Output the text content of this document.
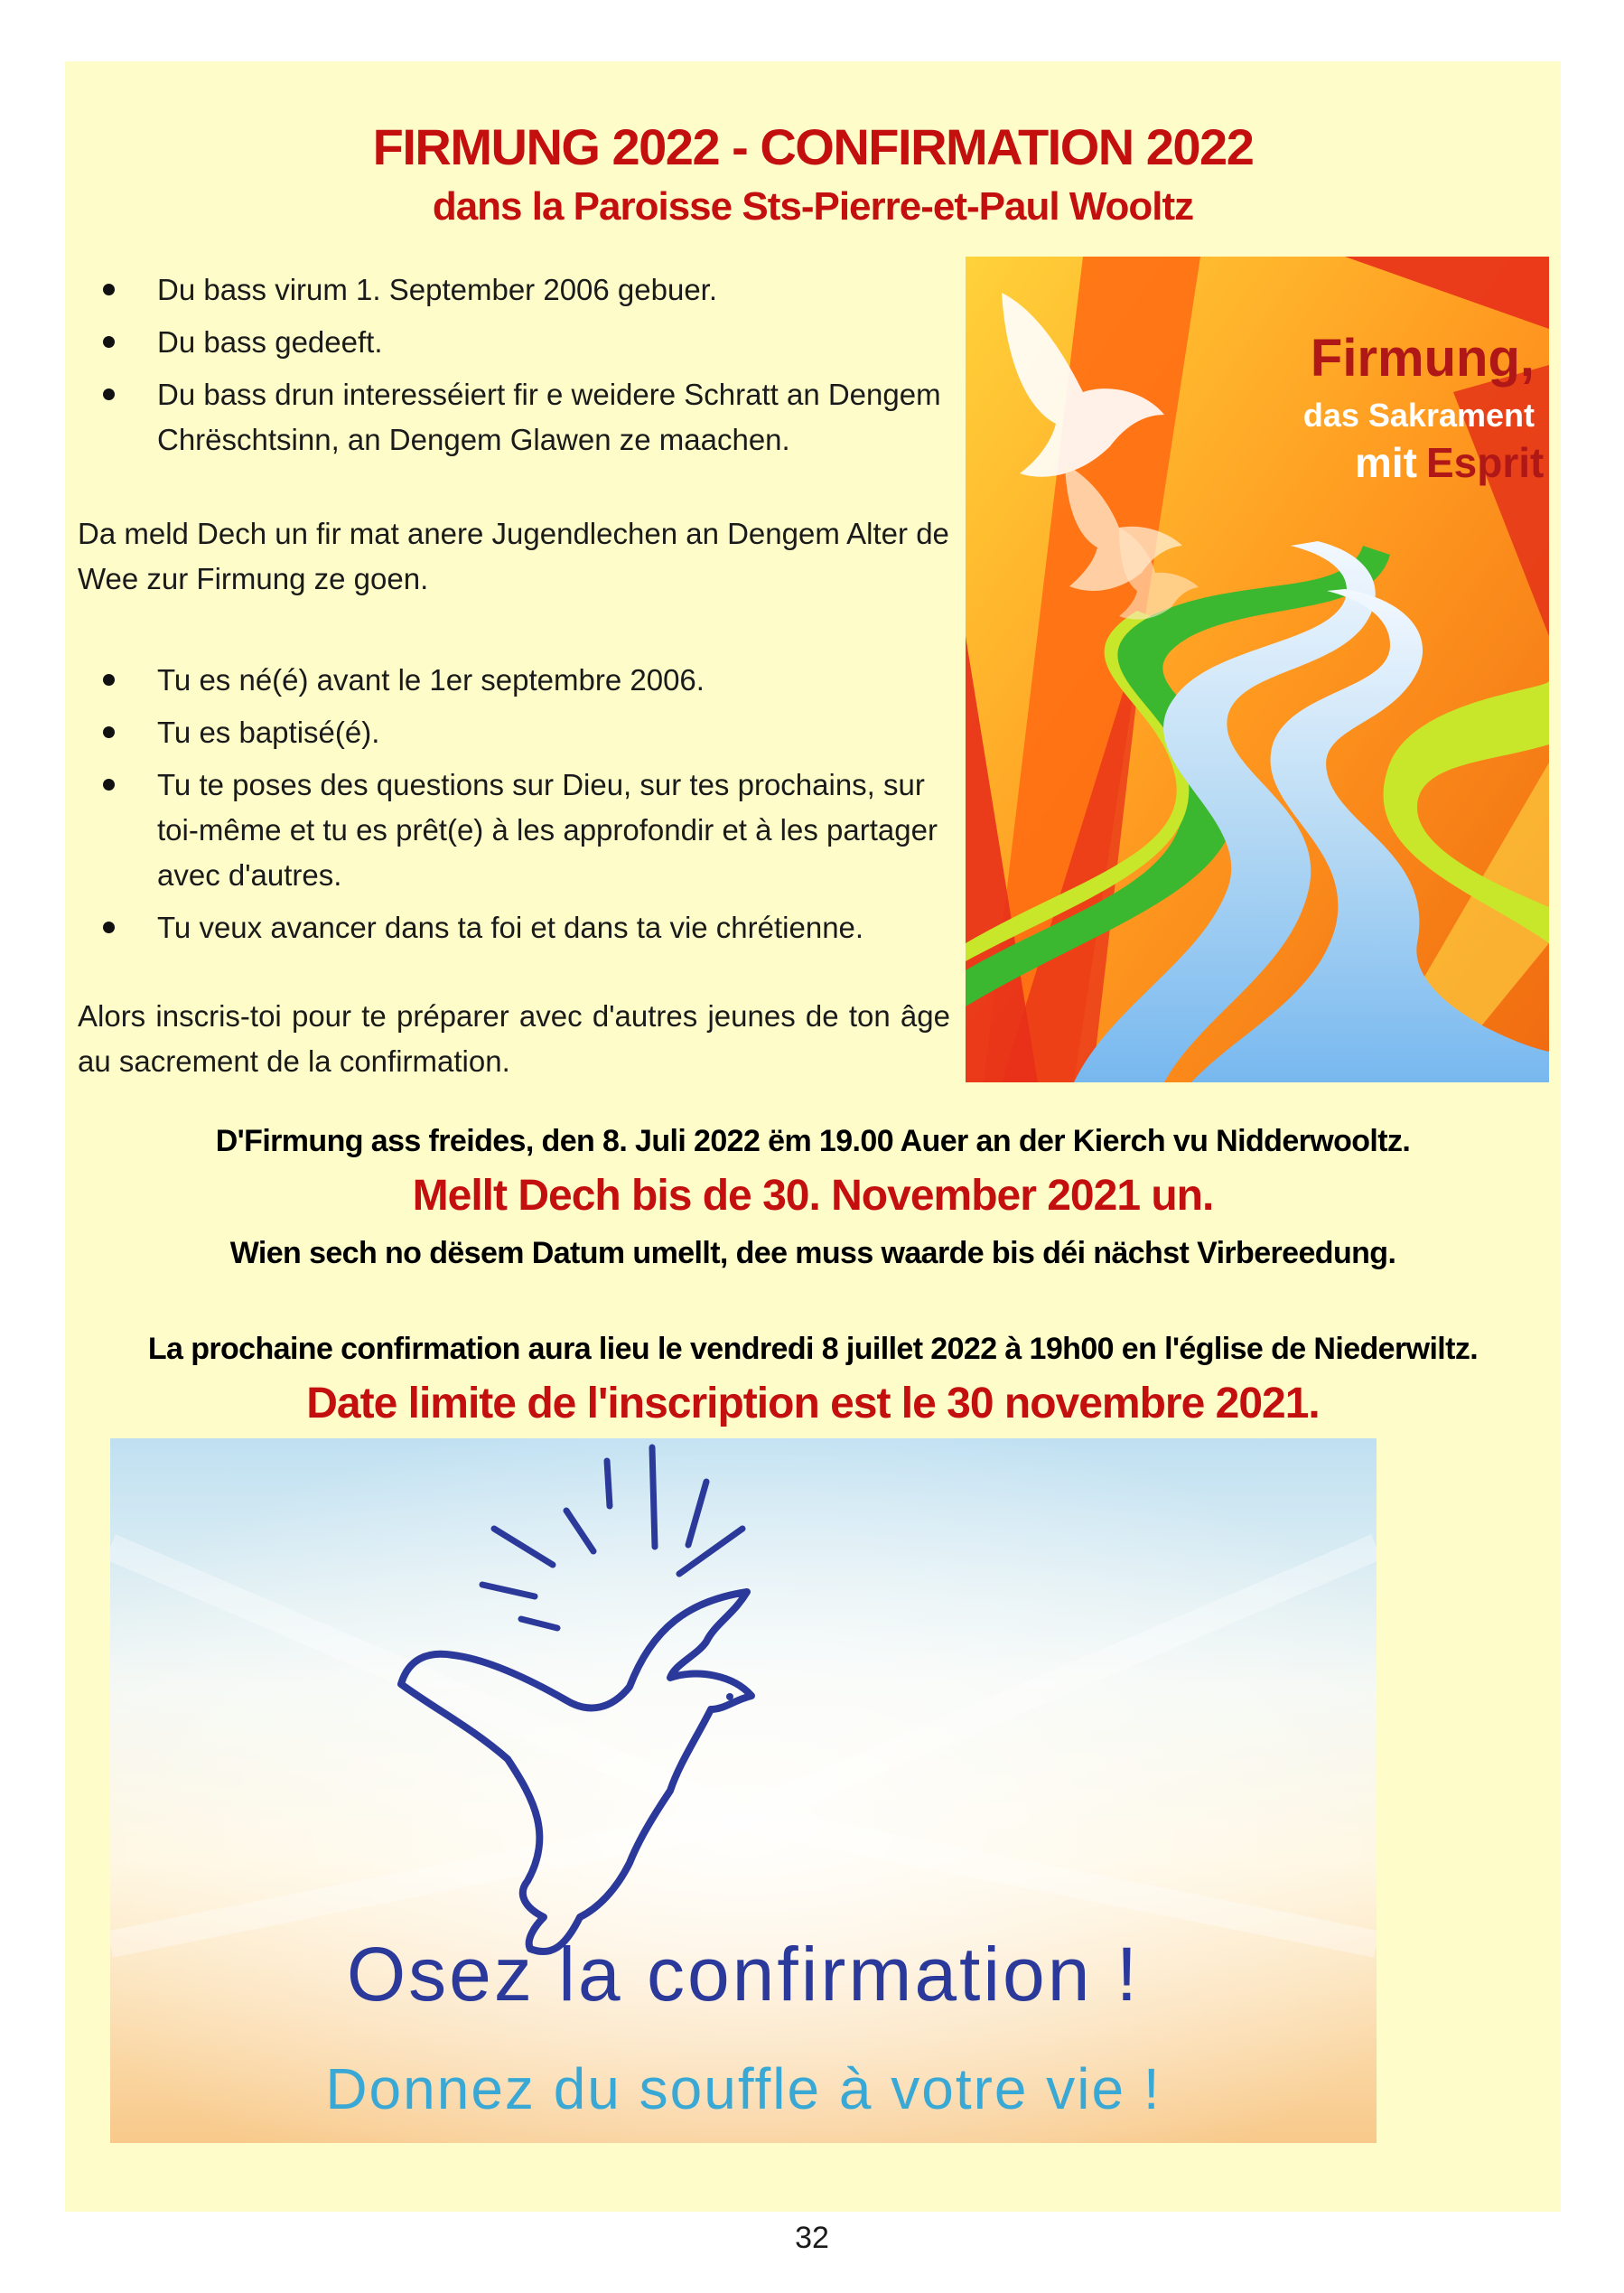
FIRMUNG 2022 - CONFIRMATION 2022
dans la Paroisse Sts-Pierre-et-Paul Wooltz
Du bass virum 1. September 2006 gebuer.
Du bass gedeeft.
Du bass drun interesséiert fir e weidere Schratt an Dengem Chrëschtsinn, an Dengem Glawen ze maachen.
Da meld Dech un fir mat anere Jugendlechen an Dengem Alter de Wee zur Firmung ze goen.
Tu es né(é) avant le 1er septembre 2006.
Tu es baptisé(é).
Tu te poses des questions sur Dieu, sur tes prochains, sur toi-même et tu es prêt(e) à les approfondir et à les partager avec d'autres.
Tu veux avancer dans ta foi et dans ta vie chrétienne.
Alors inscris-toi pour te préparer avec d'autres jeunes de ton âge au sacrement de la confirmation.
Firmung,
das Sakrament
mit Esprit
D'Firmung ass freides, den 8. Juli 2022 ëm 19.00 Auer an der Kierch vu Nidderwooltz.
Mellt Dech bis de 30. November 2021 un.
Wien sech no dësem Datum umellt, dee muss waarde bis déi nächst Virbereedung.
La prochaine confirmation aura lieu le vendredi 8 juillet 2022 à 19h00 en l'église de Niederwiltz.
Date limite de l'inscription est le 30 novembre 2021.
Osez la confirmation !
Donnez du souffle à votre vie !
32
